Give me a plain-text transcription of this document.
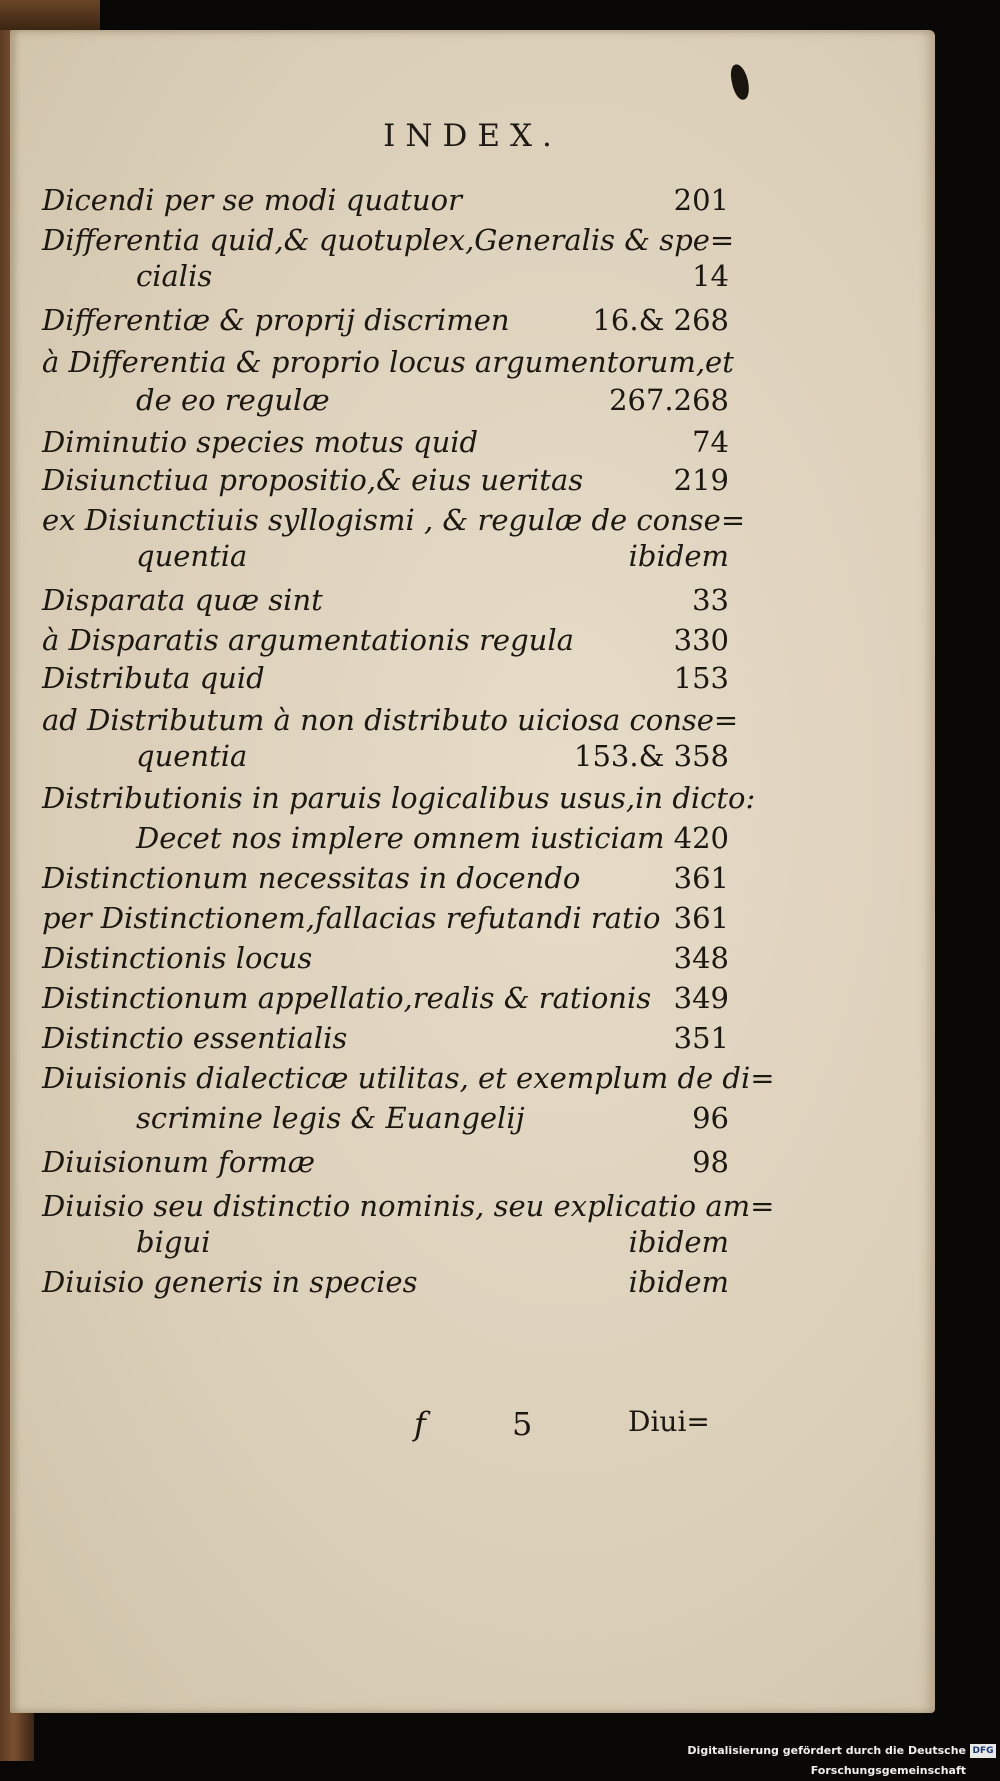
INDEX.
Dicendi per se modi quatuor	201
Differentia quid,& quotuplex,Generalis & spe=
cialis	14
Differentiæ & proprij discrimen	16.& 268
à Differentia & proprio locus argumentorum,et
de eo regulæ	267.268
Diminutio species motus quid	74
Disiunctiua propositio,& eius ueritas	219
ex Disiunctiuis syllogismi , & regulæ de conse=
quentia	ibidem
Disparata quæ sint	33
à Disparatis argumentationis regula	330
Distributa quid	153
ad Distributum à non distributo uiciosa conse=
quentia	153.& 358
Distributionis in paruis logicalibus usus,in dicto:
Decet nos implere omnem iusticiam 420
Distinctionum necessitas in docendo	361
per Distinctionem,fallacias refutandi ratio 361
Distinctionis locus	348
Distinctionum appellatio,realis & rationis 349
Distinctio essentialis	351
Diuisionis dialecticæ utilitas, et exemplum de di=
scrimine legis & Euangelij	96
Diuisionum formæ	98
Diuisio seu distinctio nominis, seu explicatio am=
bigui	ibidem
Diuisio generis in species	ibidem
f	5	Diui=
Digitalisierung gefördert durch die Deutsche Forschungsgemeinschaft
DFG
